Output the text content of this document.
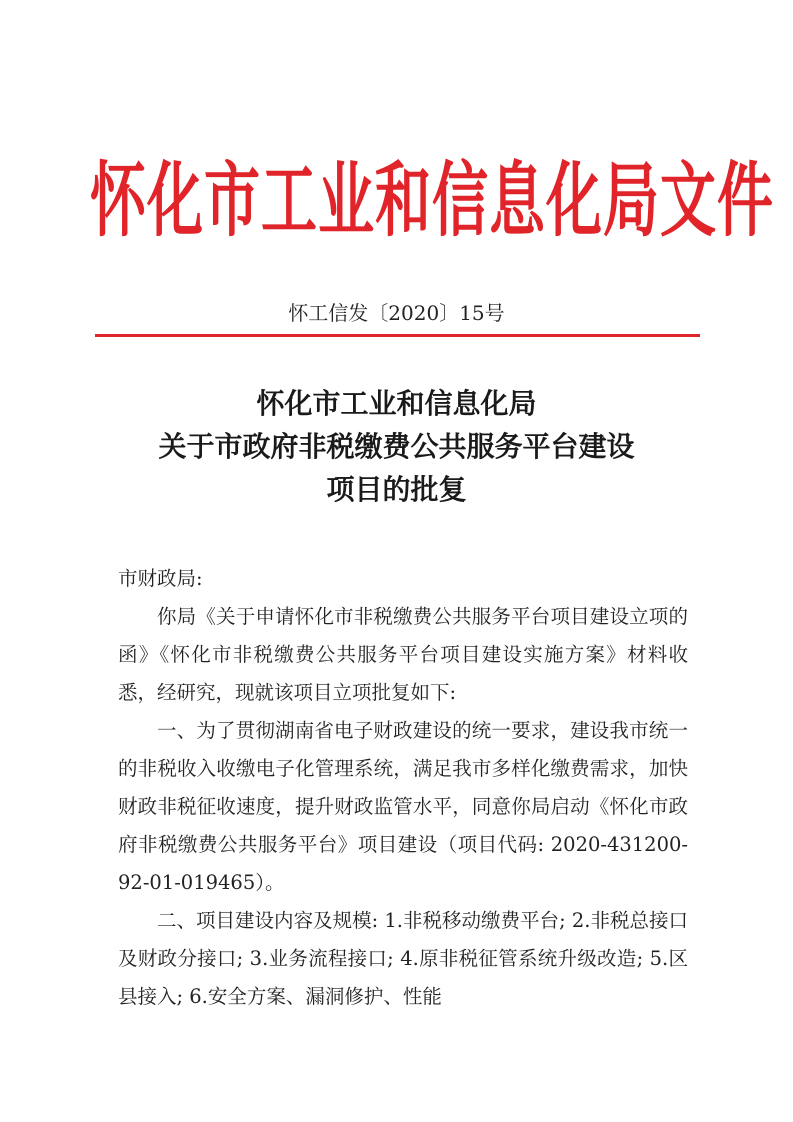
怀化市工业和信息化局文件
怀工信发〔2020〕15号
怀化市工业和信息化局
关于市政府非税缴费公共服务平台建设
项目的批复

市财政局:

你局《关于申请怀化市非税缴费公共服务平台项目建设立项的函》《怀化市非税缴费公共服务平台项目建设实施方案》材料收悉，经研究，现就该项目立项批复如下:

一、为了贯彻湖南省电子财政建设的统一要求，建设我市统一的非税收入收缴电子化管理系统，满足我市多样化缴费需求，加快财政非税征收速度，提升财政监管水平，同意你局启动《怀化市政府非税缴费公共服务平台》项目建设（项目代码: 2020-431200-92-01-019465）。

二、项目建设内容及规模: 1.非税移动缴费平台; 2.非税总接口及财政分接口; 3.业务流程接口; 4.原非税征管系统升级改造; 5.区县接入; 6.安全方案、漏洞修护、性能
